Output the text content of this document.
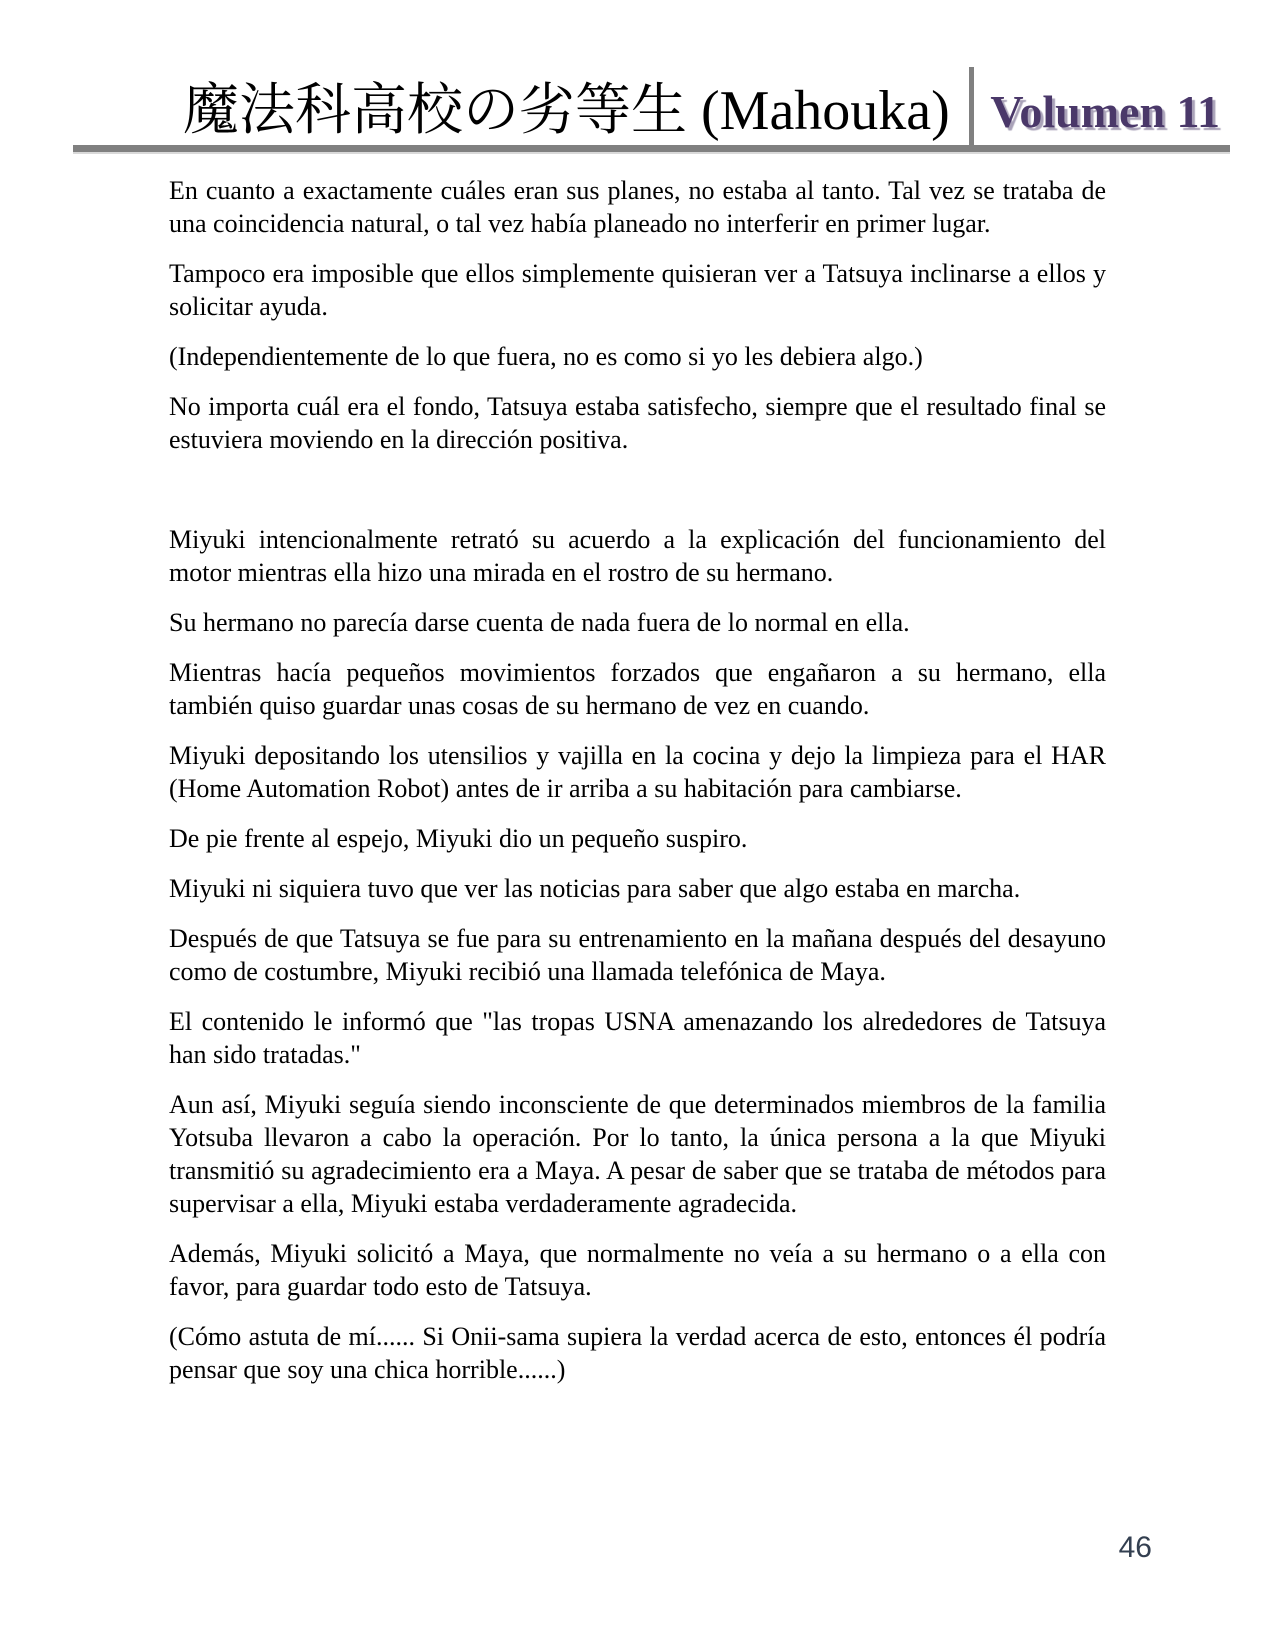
魔法科高校の劣等生 (Mahouka) Volumen 11

En cuanto a exactamente cuáles eran sus planes, no estaba al tanto. Tal vez se trataba de una coincidencia natural, o tal vez había planeado no interferir en primer lugar.

Tampoco era imposible que ellos simplemente quisieran ver a Tatsuya inclinarse a ellos y solicitar ayuda.

(Independientemente de lo que fuera, no es como si yo les debiera algo.)

No importa cuál era el fondo, Tatsuya estaba satisfecho, siempre que el resultado final se estuviera moviendo en la dirección positiva.

Miyuki intencionalmente retrató su acuerdo a la explicación del funcionamiento del motor mientras ella hizo una mirada en el rostro de su hermano.

Su hermano no parecía darse cuenta de nada fuera de lo normal en ella.

Mientras hacía pequeños movimientos forzados que engañaron a su hermano, ella también quiso guardar unas cosas de su hermano de vez en cuando.

Miyuki depositando los utensilios y vajilla en la cocina y dejo la limpieza para el HAR (Home Automation Robot) antes de ir arriba a su habitación para cambiarse.

De pie frente al espejo, Miyuki dio un pequeño suspiro.

Miyuki ni siquiera tuvo que ver las noticias para saber que algo estaba en marcha.

Después de que Tatsuya se fue para su entrenamiento en la mañana después del desayuno como de costumbre, Miyuki recibió una llamada telefónica de Maya.

El contenido le informó que "las tropas USNA amenazando los alrededores de Tatsuya han sido tratadas."

Aun así, Miyuki seguía siendo inconsciente de que determinados miembros de la familia Yotsuba llevaron a cabo la operación. Por lo tanto, la única persona a la que Miyuki transmitió su agradecimiento era a Maya. A pesar de saber que se trataba de métodos para supervisar a ella, Miyuki estaba verdaderamente agradecida.

Además, Miyuki solicitó a Maya, que normalmente no veía a su hermano o a ella con favor, para guardar todo esto de Tatsuya.

(Cómo astuta de mí...... Si Onii-sama supiera la verdad acerca de esto, entonces él podría pensar que soy una chica horrible......)

46
